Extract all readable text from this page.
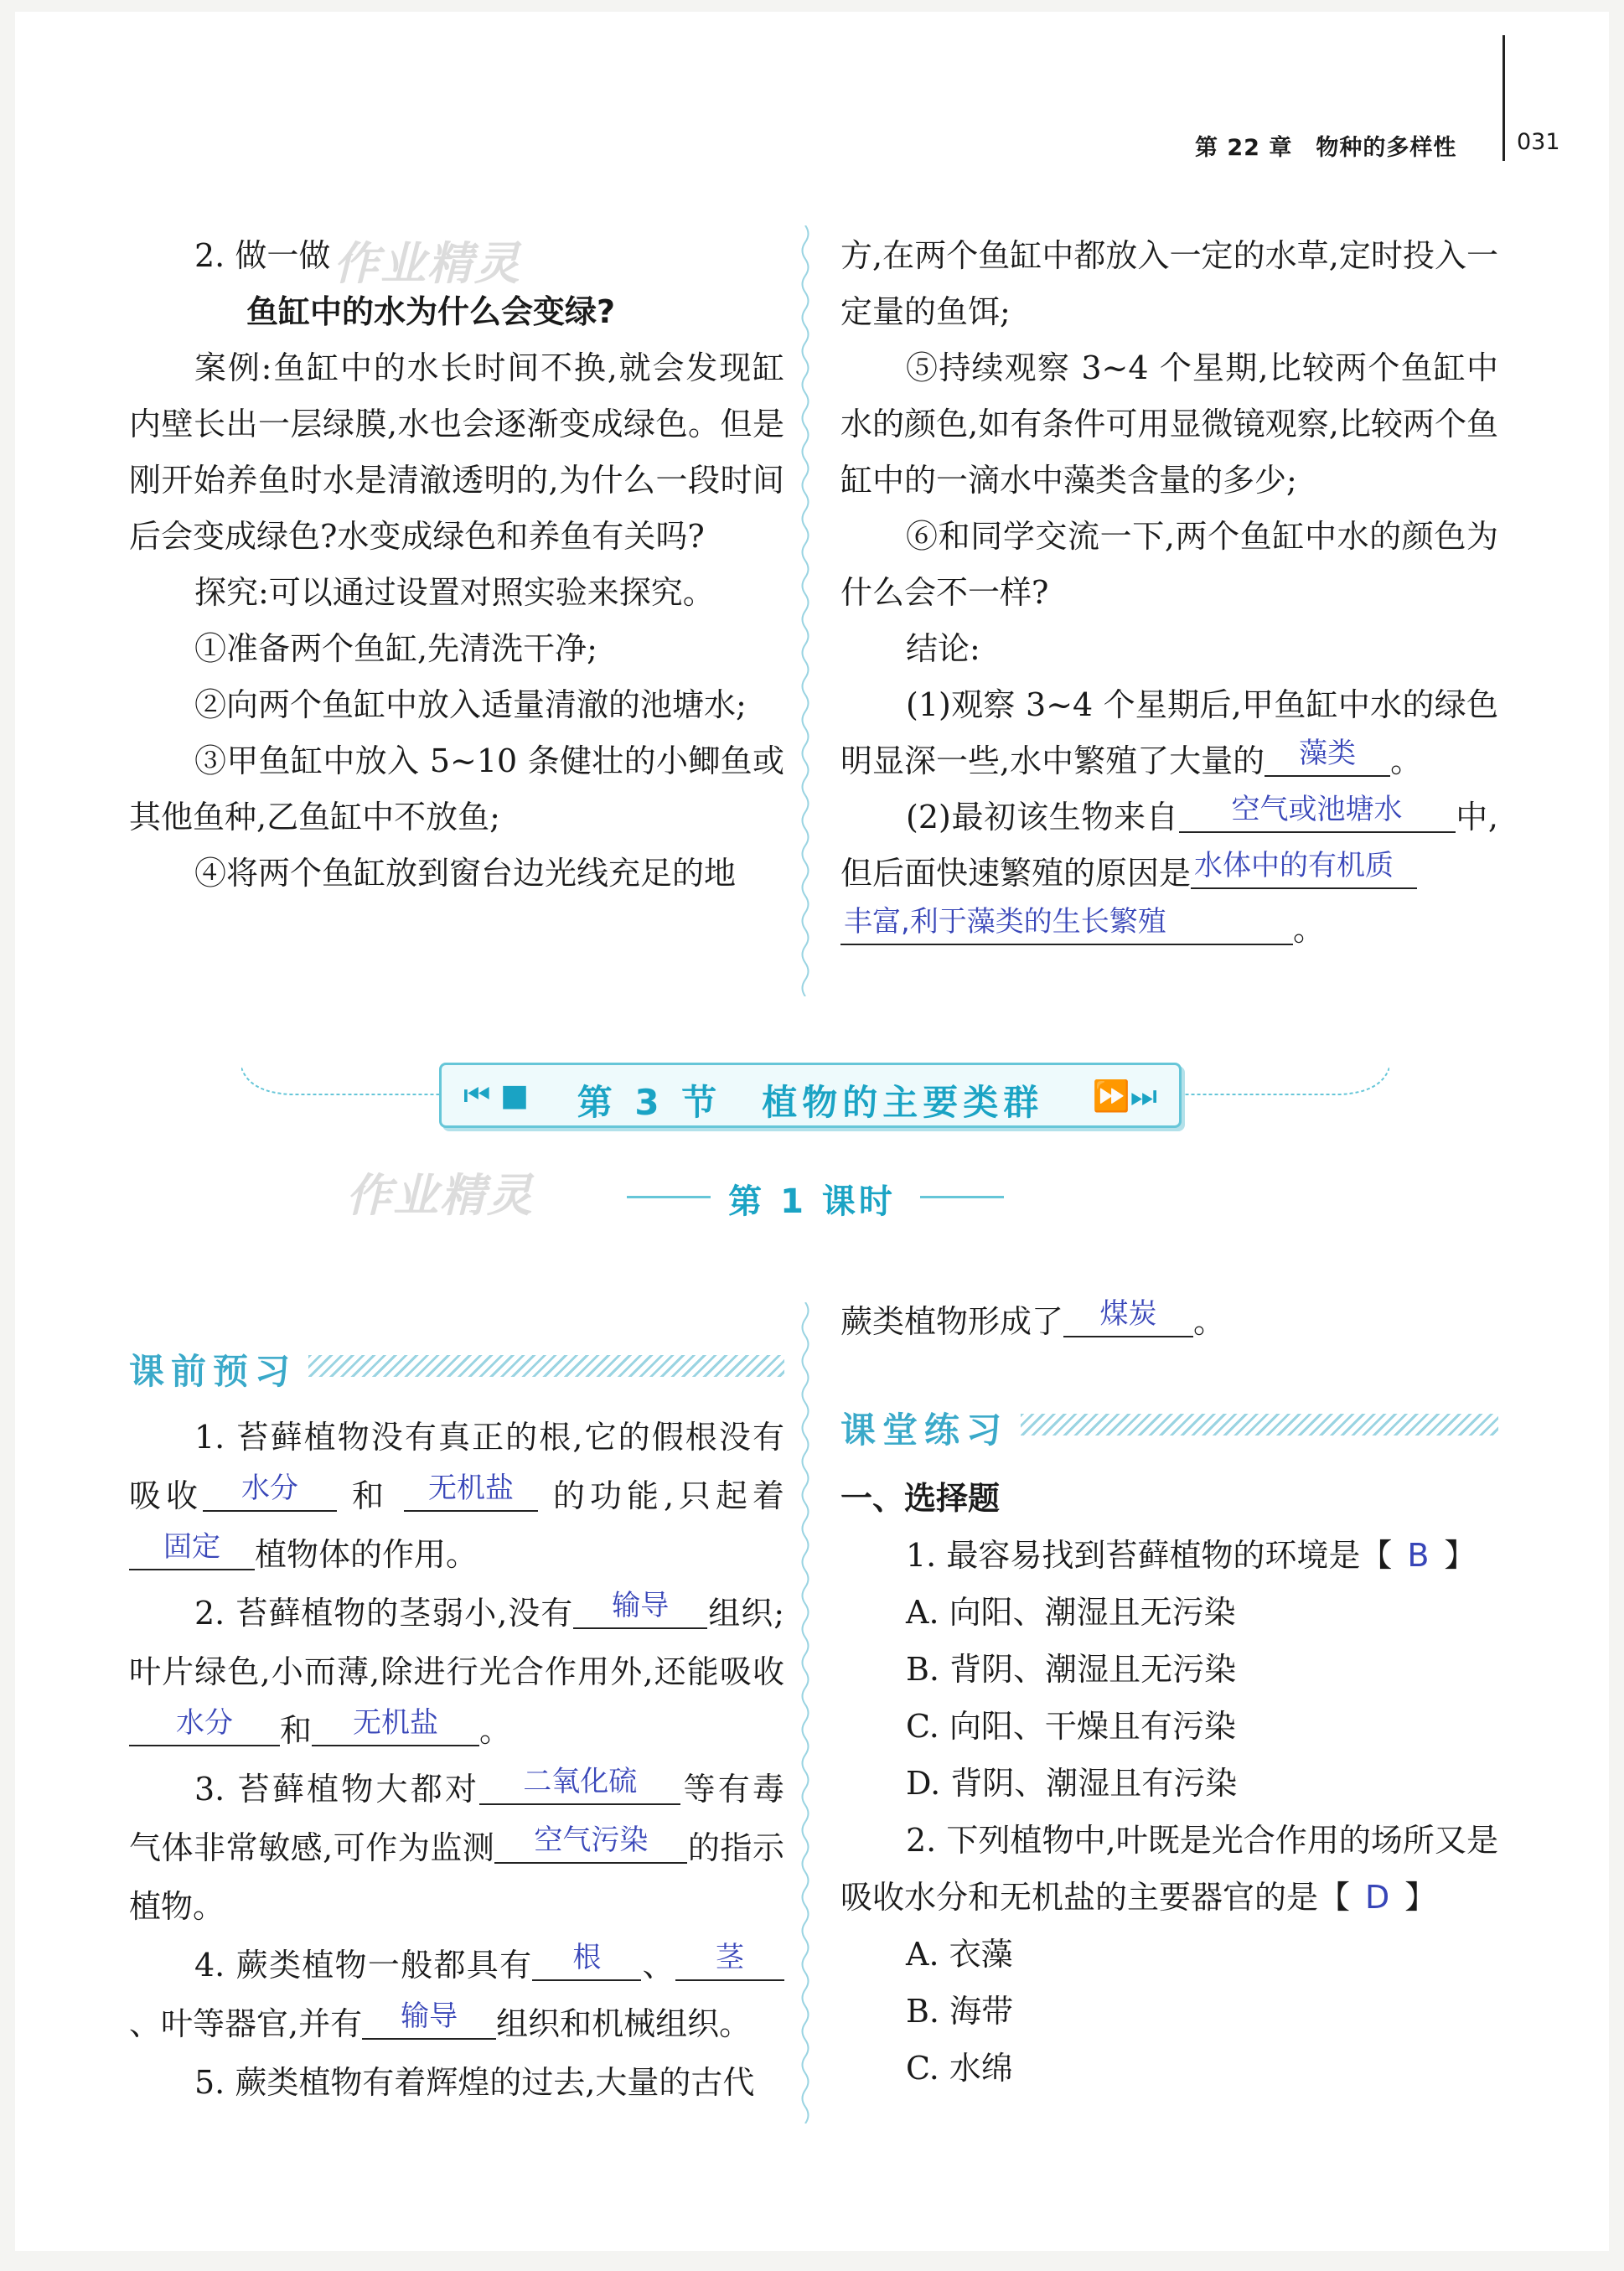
第 22 章　物种的多样性	031
作业精灵
作业精灵

2. 做一做

鱼缸中的水为什么会变绿?

案例:鱼缸中的水长时间不换,就会发现缸内壁长出一层绿膜,水也会逐渐变成绿色。但是刚开始养鱼时水是清澈透明的,为什么一段时间后会变成绿色?水变成绿色和养鱼有关吗?

探究:可以通过设置对照实验来探究。

①准备两个鱼缸,先清洗干净;

②向两个鱼缸中放入适量清澈的池塘水;

③甲鱼缸中放入 5~10 条健壮的小鲫鱼或其他鱼种,乙鱼缸中不放鱼;

④将两个鱼缸放到窗台边光线充足的地

方,在两个鱼缸中都放入一定的水草,定时投入一定量的鱼饵;

⑤持续观察 3~4 个星期,比较两个鱼缸中水的颜色,如有条件可用显微镜观察,比较两个鱼缸中的一滴水中藻类含量的多少;

⑥和同学交流一下,两个鱼缸中水的颜色为什么会不一样?

结论:

(1)观察 3~4 个星期后,甲鱼缸中水的绿色明显深一些,水中繁殖了大量的	藻类	。

(2)最初该生物来自	空气或池塘水	中,但后面快速繁殖的原因是 水体中的有机质

丰富,利于藻类的生长繁殖	。

⏮ ■	第 3 节　植物的主要类群	⏩⏭
第 1 课时
课前预习

1. 苔藓植物没有真正的根,它的假根没有吸收	水分	和	无机盐	的功能,只起着
固定	植物体的作用。

2. 苔藓植物的茎弱小,没有	输导	组织;叶片绿色,小而薄,除进行光合作用外,还能吸收
水分	和	无机盐	。

3. 苔藓植物大都对	二氧化硫	等有毒气体非常敏感,可作为监测	空气污染	的指示植物。

4. 蕨类植物一般都具有	根	、	茎
、叶等器官,并有	输导	组织和机械组织。

5. 蕨类植物有着辉煌的过去,大量的古代

蕨类植物形成了	煤炭	。

课堂练习

一、选择题

1. 最容易找到苔藓植物的环境是【 B 】

A. 向阳、潮湿且无污染

B. 背阴、潮湿且无污染

C. 向阳、干燥且有污染

D. 背阴、潮湿且有污染

2. 下列植物中,叶既是光合作用的场所又是吸收水分和无机盐的主要器官的是【 D 】

A. 衣藻

B. 海带

C. 水绵
